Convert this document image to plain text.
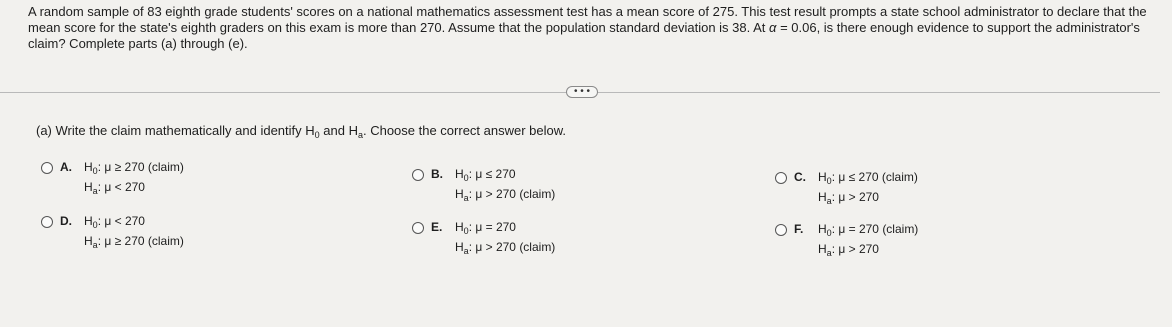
A random sample of 83 eighth grade students' scores on a national mathematics assessment test has a mean score of 275. This test result prompts a state school administrator to declare that the mean score for the state's eighth graders on this exam is more than 270. Assume that the population standard deviation is 38. At α = 0.06, is there enough evidence to support the administrator's claim? Complete parts (a) through (e).
• • •
(a) Write the claim mathematically and identify $H_0$ and $H_a$. Choose the correct answer below.
A. $H_0$: μ ≥ 270 (claim)
$H_a$: μ < 270
B. $H_0$: μ ≤ 270
$H_a$: μ > 270 (claim)
C. $H_0$: μ ≤ 270 (claim)
$H_a$: μ > 270
D. $H_0$: μ < 270
$H_a$: μ ≥ 270 (claim)
E. $H_0$: μ = 270
$H_a$: μ > 270 (claim)
F. $H_0$: μ = 270 (claim)
$H_a$: μ > 270
